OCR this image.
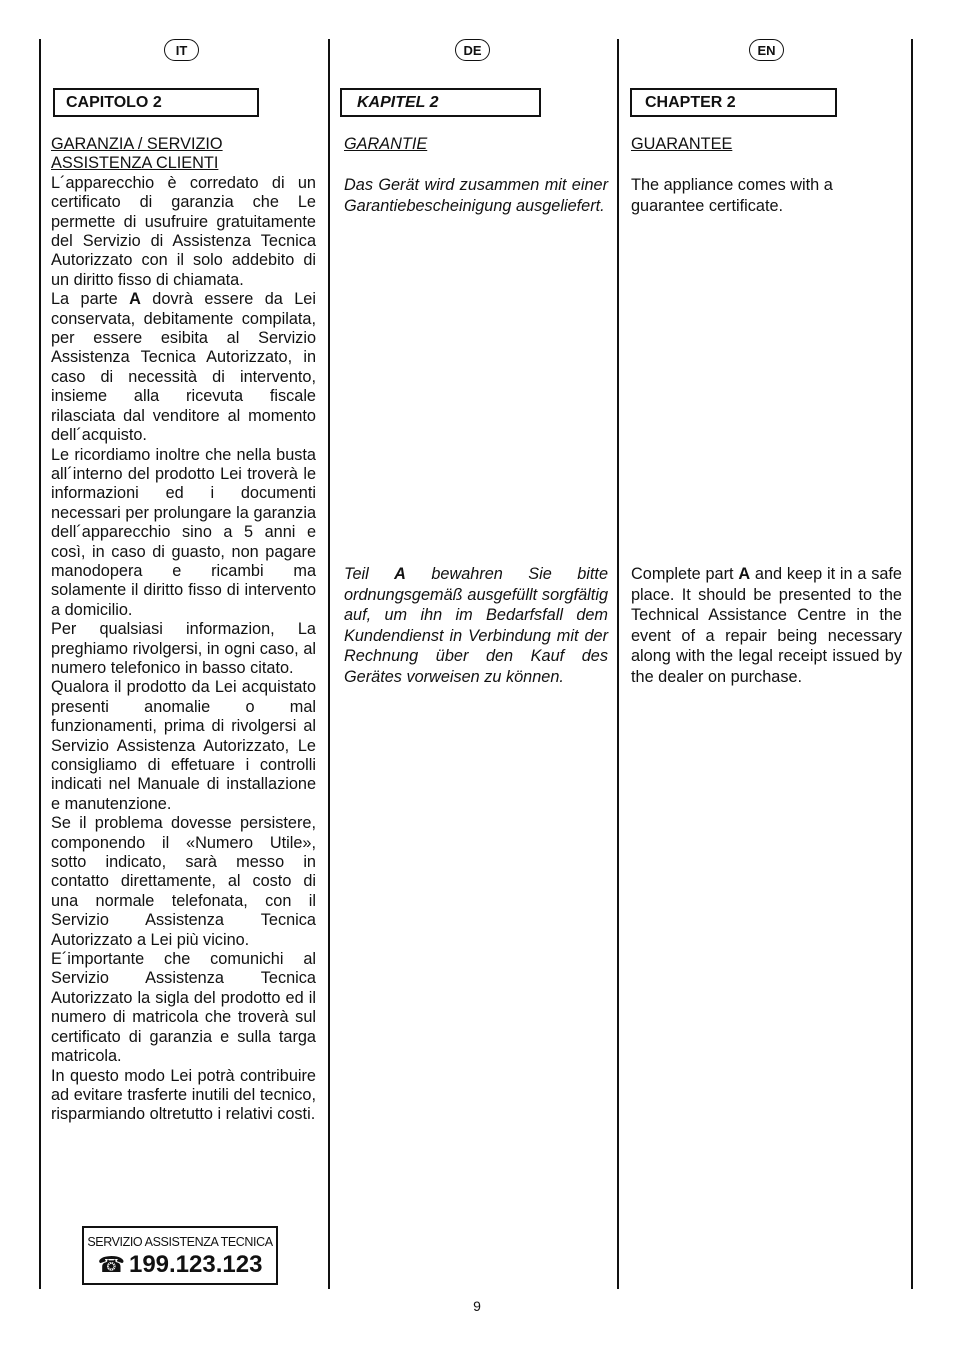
IT	DE	EN
CAPITOLO 2	KAPITEL 2	CHAPTER 2
GARANZIA / SERVIZIO
ASSISTENZA CLIENTI

L´apparecchio è corredato di un certificato di garanzia che Le permette di usufruire gratuitamente del Servizio di Assistenza Tecnica Autorizzato con il solo addebito di un diritto fisso di chiamata.

La parte A dovrà essere da Lei conservata, debitamente compilata, per essere esibita al Servizio Assistenza Tecnica Autorizzato, in caso di necessità di intervento, insieme alla ricevuta fiscale rilasciata dal venditore al momento dell´acquisto.

Le ricordiamo inoltre che nella busta all´interno del prodotto Lei troverà le informazioni ed i documenti necessari per prolungare la garanzia dell´apparecchio sino a 5 anni e così, in caso di guasto, non pagare manodopera e ricambi ma solamente il diritto fisso di intervento a domicilio.

Per qualsiasi informazion, La preghiamo rivolgersi, in ogni caso, al numero telefonico in basso citato.

Qualora il prodotto da Lei acquistato presenti anomalie o mal funzionamenti, prima di rivolgersi al Servizio Assistenza Autorizzato, Le consigliamo di effetuare i controlli indicati nel Manuale di installazione e manutenzione.

Se il problema dovesse persistere, componendo il «Numero Utile», sotto indicato, sarà messo in contatto direttamente, al costo di una normale telefonata, con il Servizio Assistenza Tecnica Autorizzato a Lei più vicino.

E´importante che comunichi al Servizio Assistenza Tecnica Autorizzato la sigla del prodotto ed il numero di matricola che troverà sul certificato di garanzia e sulla targa matricola.

In questo modo Lei potrà contribuire ad evitare trasferte inutili del tecnico, risparmiando oltretutto i relativi costi.

SERVIZIO ASSISTENZA TECNICA
☎ 199.123.123
GARANTIE

Das Gerät wird zusammen mit einer Garantiebescheinigung ausgeliefert.

Teil A bewahren Sie bitte ordnungsgemäß ausgefüllt sorgfältig auf, um ihn im Bedarfsfall dem Kundendienst in Verbindung mit der Rechnung über den Kauf des Gerätes vorweisen zu können.

GUARANTEE

The appliance comes with a guarantee certificate.

Complete part A and keep it in a safe place. It should be presented to the Technical Assistance Centre in the event of a repair being necessary along with the legal receipt issued by the dealer on purchase.

9
